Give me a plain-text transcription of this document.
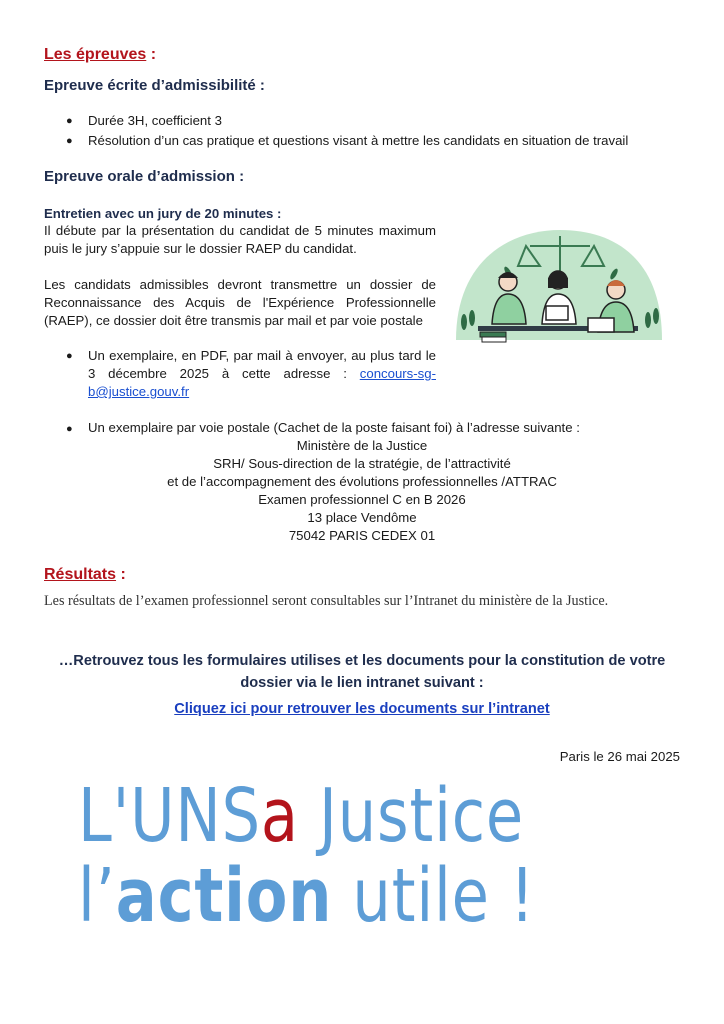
Les épreuves :
Epreuve écrite d’admissibilité :
● Durée 3H, coefficient 3
● Résolution d’un cas pratique et questions visant à mettre les candidats en situation de travail
Epreuve orale d’admission :
Entretien avec un jury de 20 minutes :
Il débute par la présentation du candidat de 5 minutes maximum puis le jury s’appuie sur le dossier RAEP du candidat.
Les candidats admissibles devront transmettre un dossier de Reconnaissance des Acquis de l'Expérience Professionnelle (RAEP), ce dossier doit être transmis par mail et par voie postale
● Un exemplaire, en PDF, par mail à envoyer, au plus tard le 3 décembre 2025 à cette adresse : concours-sg-b@justice.gouv.fr
● Un exemplaire par voie postale (Cachet de la poste faisant foi) à l’adresse suivante :
Ministère de la Justice
SRH/ Sous-direction de la stratégie, de l’attractivité
et de l’accompagnement des évolutions professionnelles /ATTRAC
Examen professionnel C en B 2026
13 place Vendôme
75042 PARIS CEDEX 01
Résultats :
Les résultats de l’examen professionnel seront consultables sur l’Intranet du ministère de la Justice.
…Retrouvez tous les formulaires utilises et les documents pour la constitution de votre
dossier via le lien intranet suivant :
Cliquez ici pour retrouver les documents sur l’intranet
Paris le 26 mai 2025
L'UNSa Justice
l’action utile !
